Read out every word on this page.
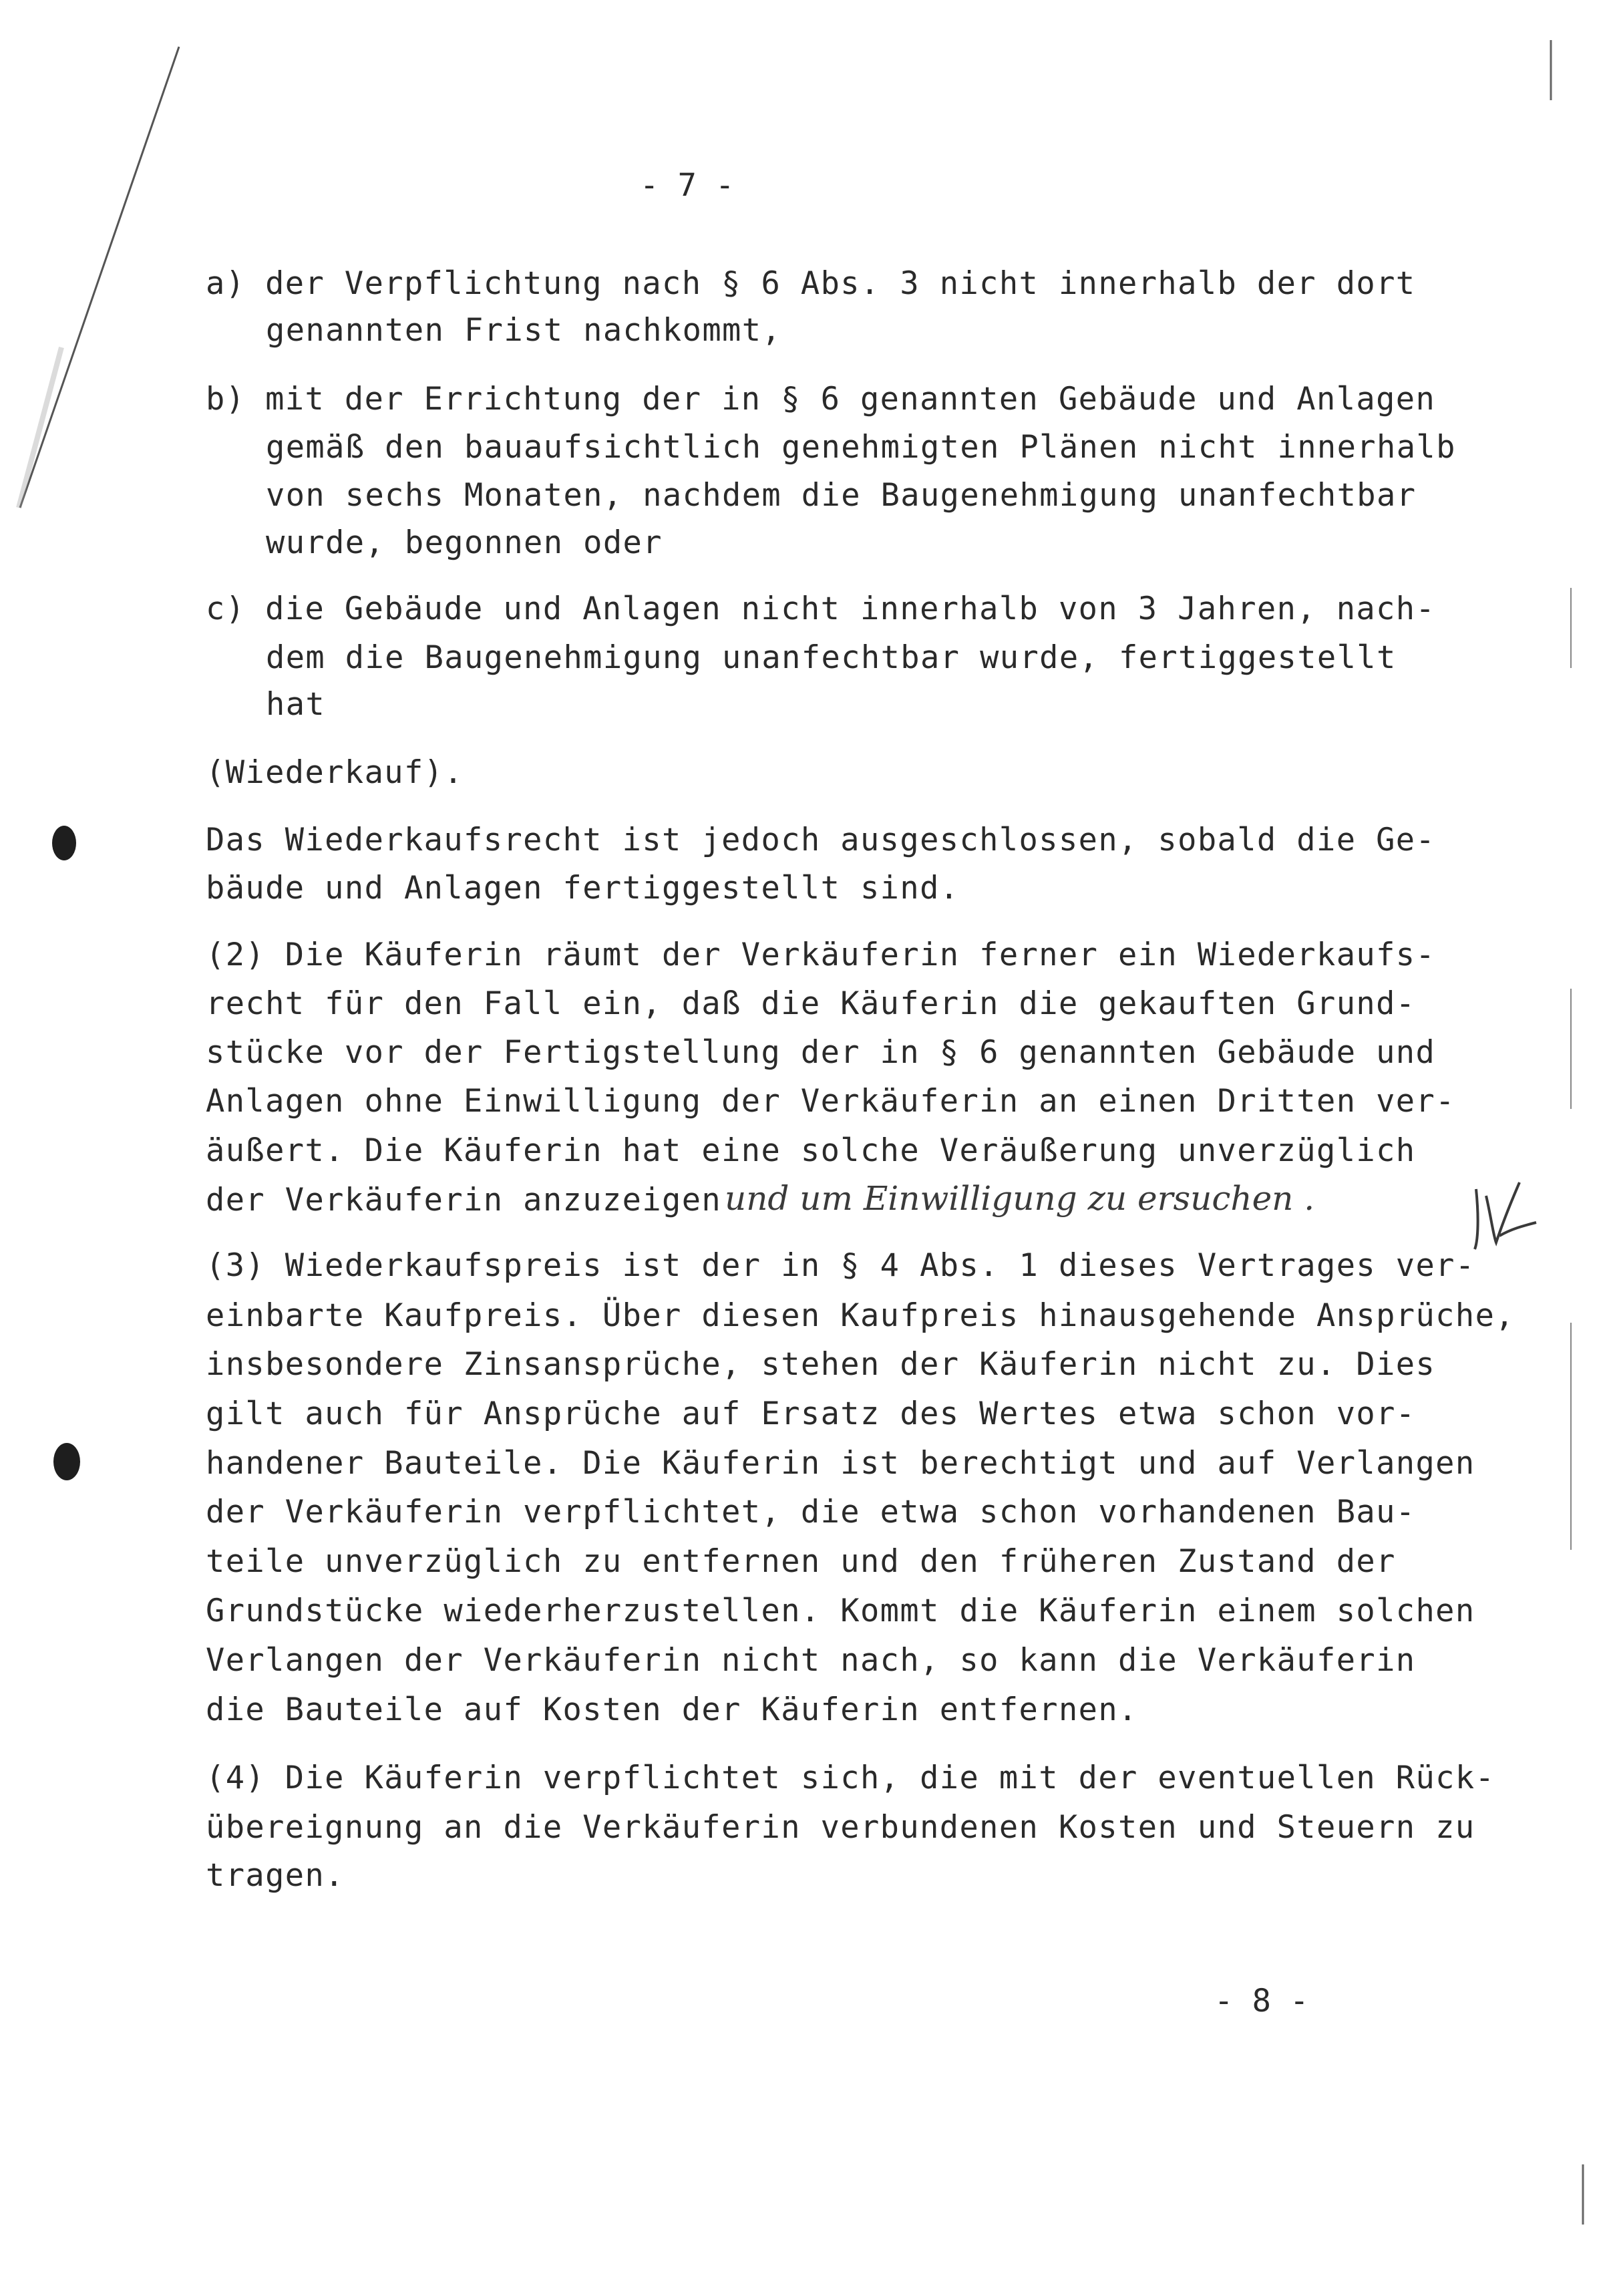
- 7 -
a) der Verpflichtung nach § 6 Abs. 3 nicht innerhalb der dort
genannten Frist nachkommt,
b) mit der Errichtung der in § 6 genannten Gebäude und Anlagen
gemäß den bauaufsichtlich genehmigten Plänen nicht innerhalb
von sechs Monaten, nachdem die Baugenehmigung unanfechtbar
wurde, begonnen oder
c) die Gebäude und Anlagen nicht innerhalb von 3 Jahren, nach-
dem die Baugenehmigung unanfechtbar wurde, fertiggestellt
hat
(Wiederkauf).
Das Wiederkaufsrecht ist jedoch ausgeschlossen, sobald die Ge-
bäude und Anlagen fertiggestellt sind.
(2) Die Käuferin räumt der Verkäuferin ferner ein Wiederkaufs-
recht für den Fall ein, daß die Käuferin die gekauften Grund-
stücke vor der Fertigstellung der in § 6 genannten Gebäude und
Anlagen ohne Einwilligung der Verkäuferin an einen Dritten ver-
äußert. Die Käuferin hat eine solche Veräußerung unverzüglich
der Verkäuferin anzuzeigen und um Einwilligung zu ersuchen .
(3) Wiederkaufspreis ist der in § 4 Abs. 1 dieses Vertrages ver-
einbarte Kaufpreis. Über diesen Kaufpreis hinausgehende Ansprüche,
insbesondere Zinsansprüche, stehen der Käuferin nicht zu. Dies
gilt auch für Ansprüche auf Ersatz des Wertes etwa schon vor-
handener Bauteile. Die Käuferin ist berechtigt und auf Verlangen
der Verkäuferin verpflichtet, die etwa schon vorhandenen Bau-
teile unverzüglich zu entfernen und den früheren Zustand der
Grundstücke wiederherzustellen. Kommt die Käuferin einem solchen
Verlangen der Verkäuferin nicht nach, so kann die Verkäuferin
die Bauteile auf Kosten der Käuferin entfernen.
(4) Die Käuferin verpflichtet sich, die mit der eventuellen Rück-
übereignung an die Verkäuferin verbundenen Kosten und Steuern zu
tragen.
- 8 -
